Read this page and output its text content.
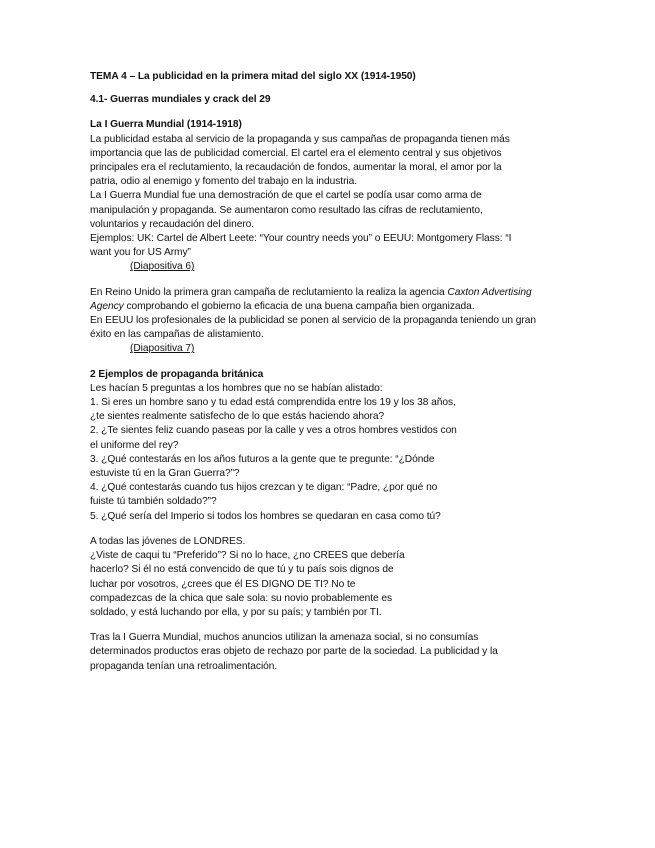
TEMA 4 – La publicidad en la primera mitad del siglo XX (1914-1950)
4.1- Guerras mundiales y crack del 29
La I Guerra Mundial (1914-1918)
La publicidad estaba al servicio de la propaganda y sus campañas de propaganda tienen más
importancia que las de publicidad comercial. El cartel era el elemento central y sus objetivos
principales era el reclutamiento, la recaudación de fondos, aumentar la moral, el amor por la
patria, odio al enemigo y fomento del trabajo en la industria.
La I Guerra Mundial fue una demostración de que el cartel se podía usar como arma de
manipulación y propaganda. Se aumentaron como resultado las cifras de reclutamiento,
voluntarios y recaudación del dinero.
Ejemplos: UK: Cartel de Albert Leete: “Your country needs you” o EEUU: Montgomery Flass: “I
want you for US Army”
(Diapositiva 6)
En Reino Unido la primera gran campaña de reclutamiento la realiza la agencia Caxton Advertising
Agency comprobando el gobierno la eficacia de una buena campaña bien organizada.
En EEUU los profesionales de la publicidad se ponen al servicio de la propaganda teniendo un gran
éxito en las campañas de alistamiento.
(Diapositiva 7)
2 Ejemplos de propaganda británica
Les hacían 5 preguntas a los hombres que no se habían alistado:
1. Si eres un hombre sano y tu edad está comprendida entre los 19 y los 38 años,
¿te sientes realmente satisfecho de lo que estás haciendo ahora?
2. ¿Te sientes feliz cuando paseas por la calle y ves a otros hombres vestidos con
el uniforme del rey?
3. ¿Qué contestarás en los años futuros a la gente que te pregunte: “¿Dónde
estuviste tú en la Gran Guerra?”?
4. ¿Qué contestarás cuando tus hijos crezcan y te digan: “Padre, ¿por qué no
fuiste tú también soldado?”?
5. ¿Qué sería del Imperio si todos los hombres se quedaran en casa como tú?
A todas las jóvenes de LONDRES.
¿Viste de caqui tu “Preferido”? Si no lo hace, ¿no CREES que debería
hacerlo? Si él no está convencido de que tú y tu país sois dignos de
luchar por vosotros, ¿crees que él ES DIGNO DE TI? No te
compadezcas de la chica que sale sola: su novio probablemente es
soldado, y está luchando por ella, y por su país; y también por TI.
Tras la I Guerra Mundial, muchos anuncios utilizan la amenaza social, si no consumías
determinados productos eras objeto de rechazo por parte de la sociedad. La publicidad y la
propaganda tenían una retroalimentación.
